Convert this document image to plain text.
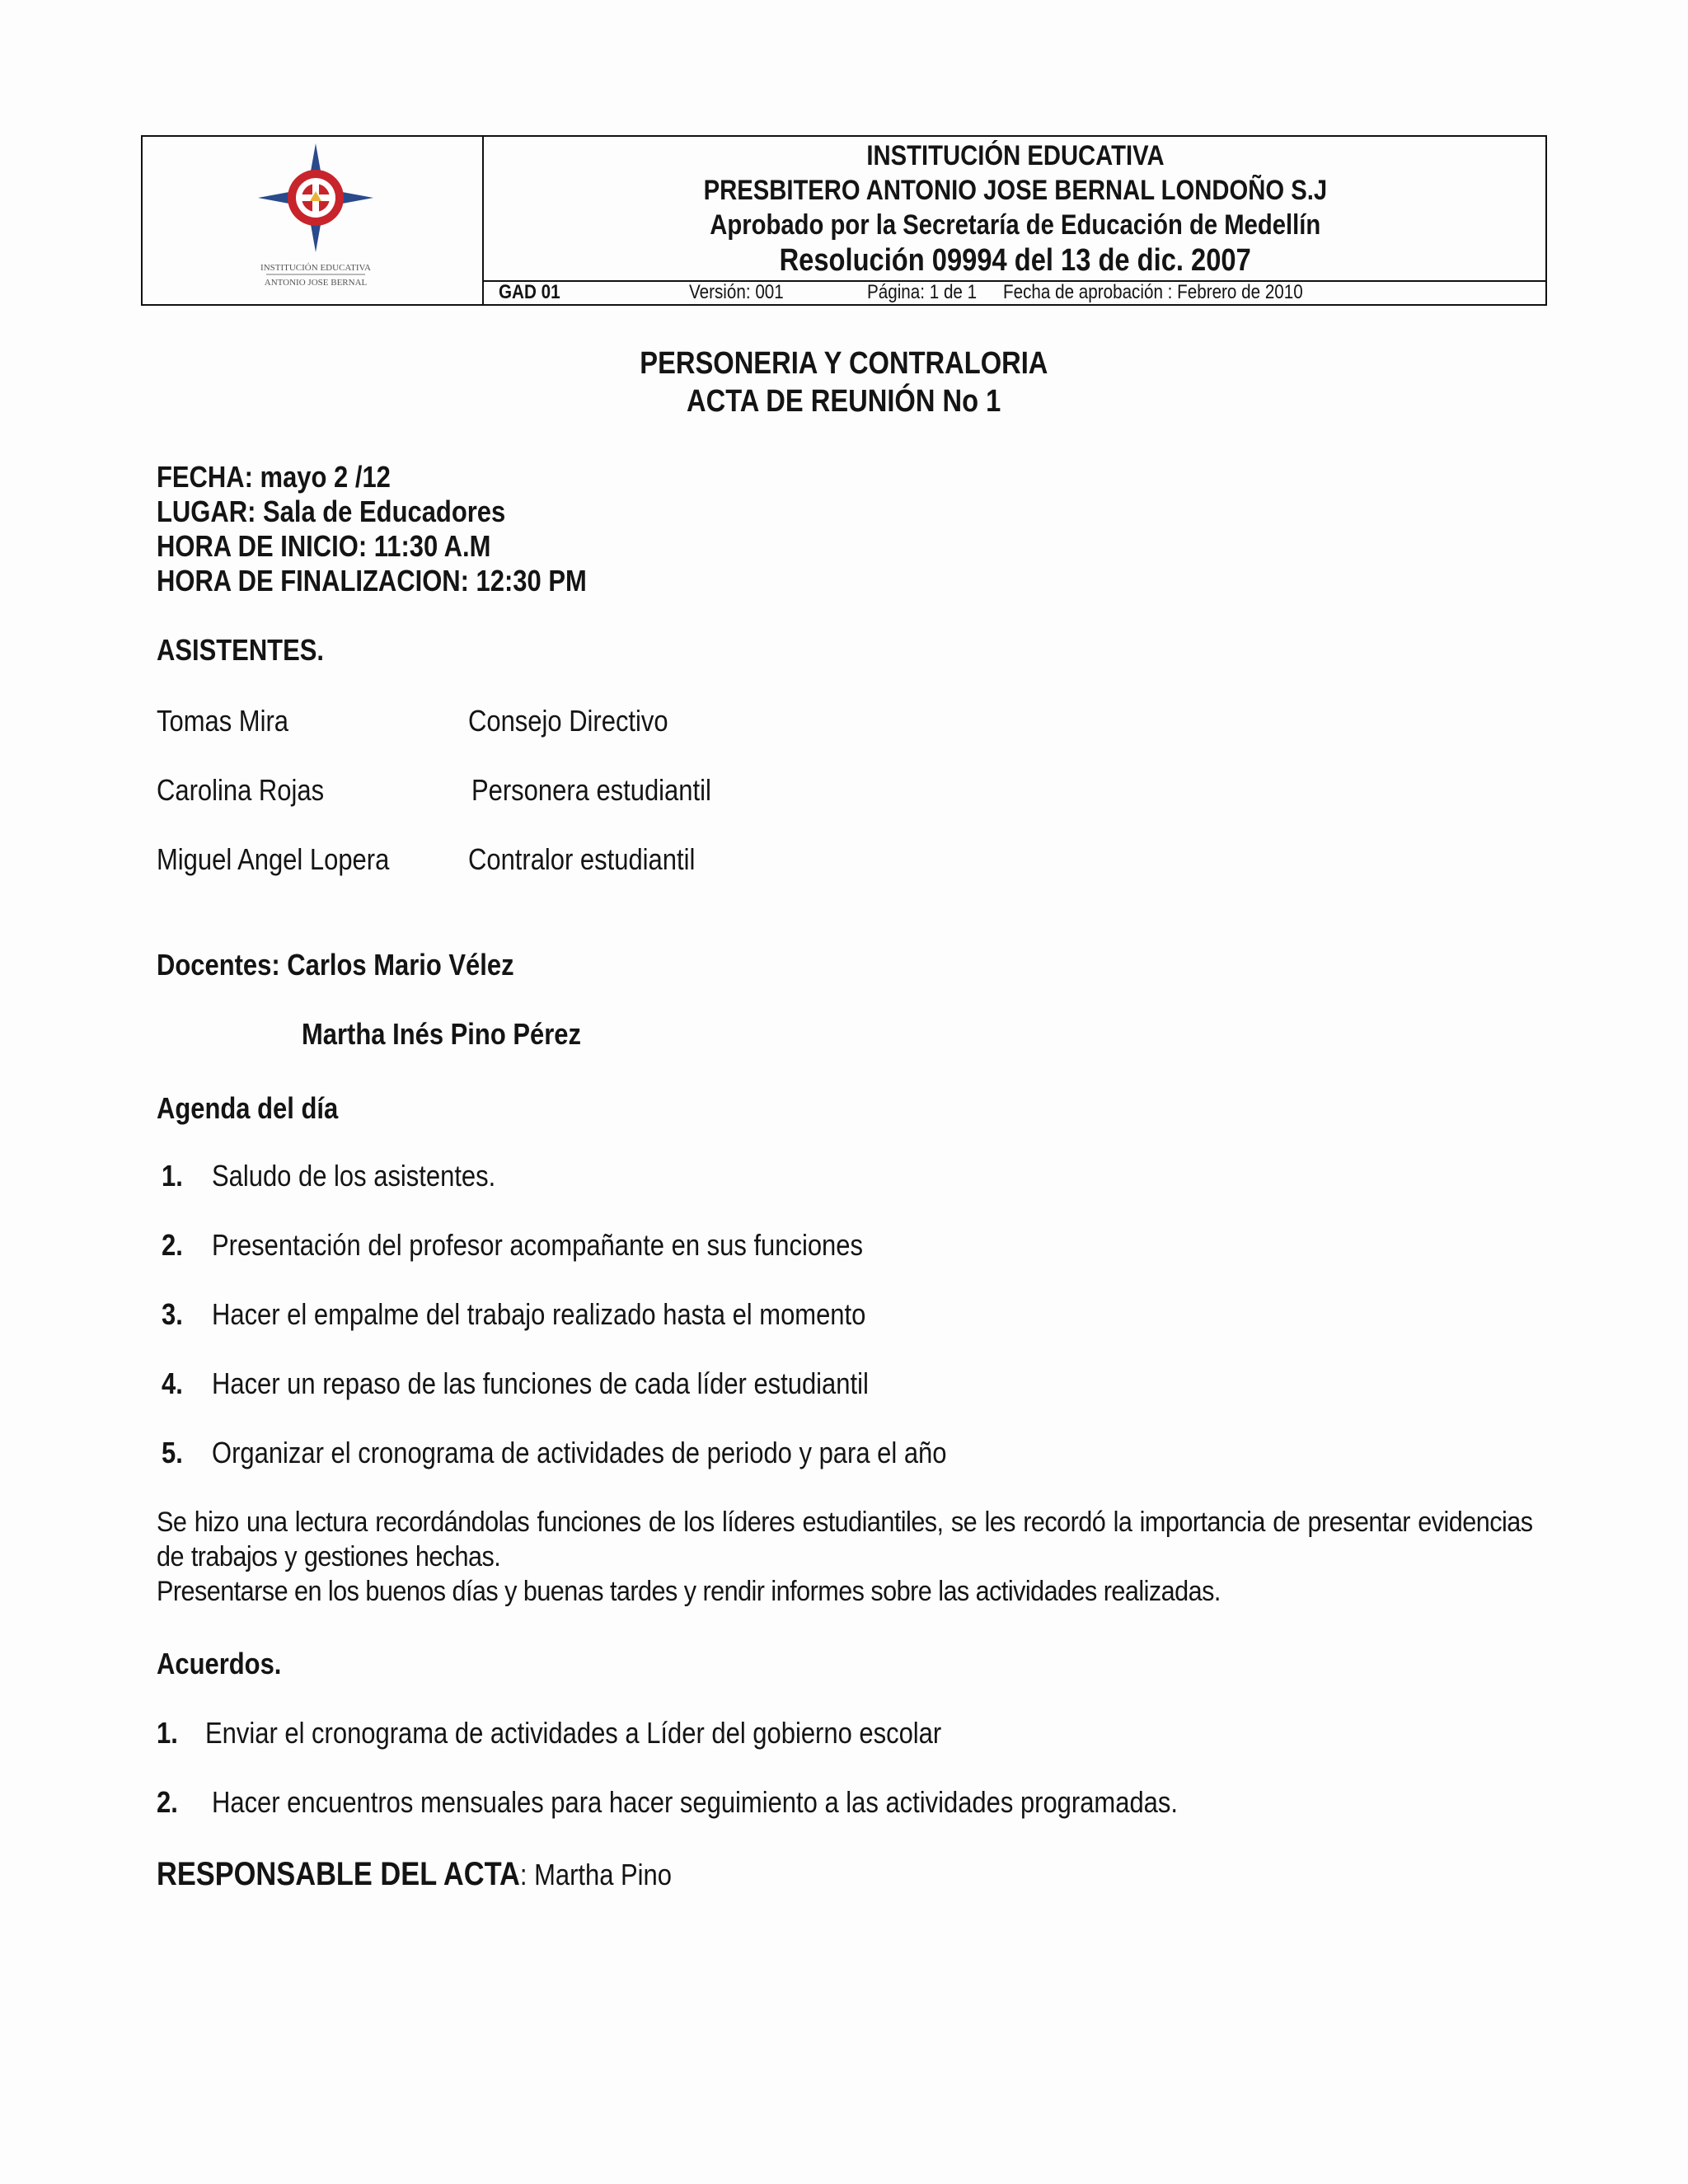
INSTITUCIÓN EDUCATIVA
ANTONIO JOSE BERNAL
INSTITUCIÓN EDUCATIVA
PRESBITERO ANTONIO JOSE BERNAL LONDOÑO S.J
Aprobado por la Secretaría de Educación de Medellín
Resolución 09994 del 13 de dic. 2007
GAD 01	Versión: 001	Página: 1 de 1	Fecha de aprobación : Febrero de 2010
PERSONERIA Y CONTRALORIA
ACTA DE REUNIÓN No 1
FECHA: mayo 2 /12
LUGAR: Sala de Educadores
HORA DE INICIO: 11:30 A.M
HORA DE FINALIZACION: 12:30 PM
ASISTENTES.
Tomas Mira	Consejo Directivo
Carolina Rojas	Personera estudiantil
Miguel Angel Lopera	Contralor estudiantil
Docentes: Carlos Mario Vélez
Martha Inés Pino Pérez
Agenda del día
1. Saludo de los asistentes.
2. Presentación del profesor acompañante en sus funciones
3. Hacer el empalme del trabajo realizado hasta el momento
4. Hacer un repaso de las funciones de cada líder estudiantil
5. Organizar el cronograma de actividades de periodo y para el año

Se hizo una lectura recordándolas funciones de los líderes estudiantiles, se les recordó la importancia de presentar evidencias de trabajos y gestiones hechas.

Presentarse en los buenos días y buenas tardes y rendir informes sobre las actividades realizadas.

Acuerdos.
1. Enviar el cronograma de actividades a Líder del gobierno escolar
2. Hacer encuentros mensuales para hacer seguimiento a las actividades programadas.
RESPONSABLE DEL ACTA: Martha Pino
